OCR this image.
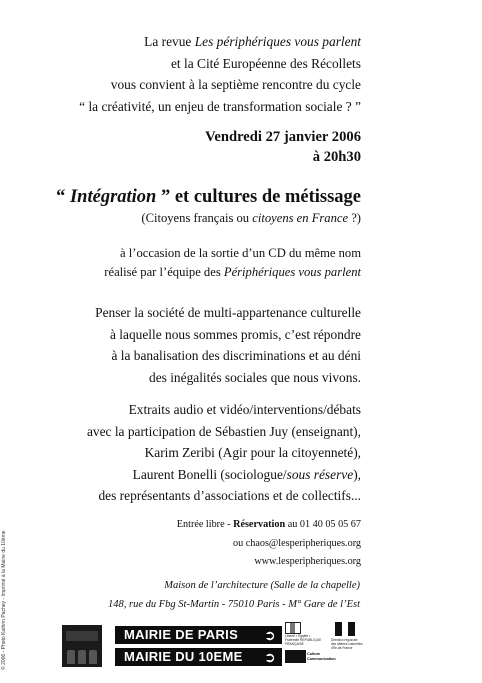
La revue Les périphériques vous parlent
et la Cité Européenne des Récollets
vous convient à la septième rencontre du cycle
“ la créativité, un enjeu de transformation sociale ? ”
Vendredi 27 janvier 2006
à 20h30
“ Intégration ” et cultures de métissage
(Citoyens français ou citoyens en France ?)
à l’occasion de la sortie d’un CD du même nom
réalisé par l’équipe des Périphériques vous parlent
Penser la société de multi-appartenance culturelle
à laquelle nous sommes promis, c’est répondre
à la banalisation des discriminations et au déni
des inégalités sociales que nous vivons.
Extraits audio et vidéo/interventions/débats
avec la participation de Sébastien Juy (enseignant),
Karim Zeribi (Agir pour la citoyenneté),
Laurent Bonelli (sociologue/sous réserve),
des représentants d’associations et de collectifs...
Entrée libre - Réservation au 01 40 05 05 67
ou chaos@lesperipheriques.org
www.lesperipheriques.org
Maison de l’architecture (Salle de la chapelle)
148, rue du Fbg St-Martin - 75010 Paris - M° Gare de l’Est
© 2006 - Photo Kathrin Pachey - Imprimé à la Mairie du 10ème	MAIRIE DE PARIS ➲
MAIRIE DU 10EME ➲
Liberté • Égalité • Fraternité RÉPUBLIQUE FRANÇAISE
Culture Communication
Direction régionale des affaires culturelles d’Île-de-France
